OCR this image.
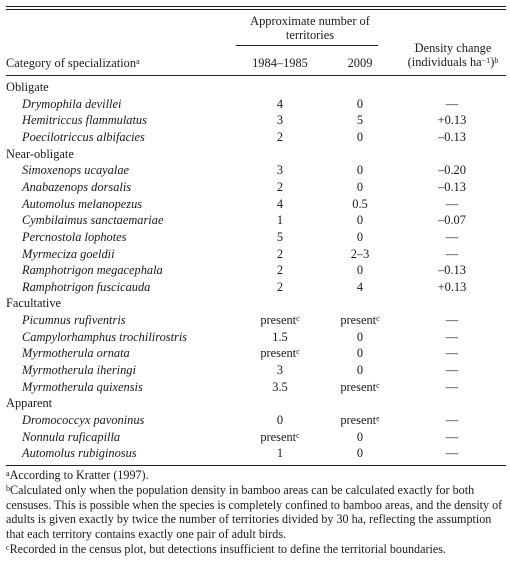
Approximate number of
territories
Category of specialization$^a$	1984–1985	2009
Density change
(individuals $ha^{-1})^b$
Obligate
Drymophila devillei	4	0	—
Hemitriccus flammulatus	3	5	+0.13
Poecilotriccus albifacies	2	0	–0.13
Near-obligate
Simoxenops ucayalae	3	0	–0.20
Anabazenops dorsalis	2	0	–0.13
Automolus melanopezus	4	0.5	—
Cymbilaimus sanctaemariae	1	0	–0.07
Percnostola lophotes	5	0	—
Myrmeciza goeldii	2	2–3	—
Ramphotrigon megacephala	2	0	–0.13
Ramphotrigon fuscicauda	2	4	+0.13
Facultative
Picumnus rufiventris	present$^c$	present$^c$	—
Campylorhamphus trochilirostris	1.5	0	—
Myrmotherula ornata	present$^c$	0	—
Myrmotherula iheringi	3	0	—
Myrmotherula quixensis	3.5	present$^c$	—
Apparent
Dromococcyx pavoninus	0	present$^e$	—
Nonnula ruficapilla	present$^c$	0	—
Automolus rubiginosus	1	0	—
$^a$According to Kratter (1997).
$^b$Calculated only when the population density in bamboo areas can be calculated exactly for both censuses. This is possible when the species is completely confined to bamboo areas, and the density of adults is given exactly by twice the number of territories divided by 30 ha, reflecting the assumption that each territory contains exactly one pair of adult birds.
$^c$Recorded in the census plot, but detections insufficient to define the territorial boundaries.
